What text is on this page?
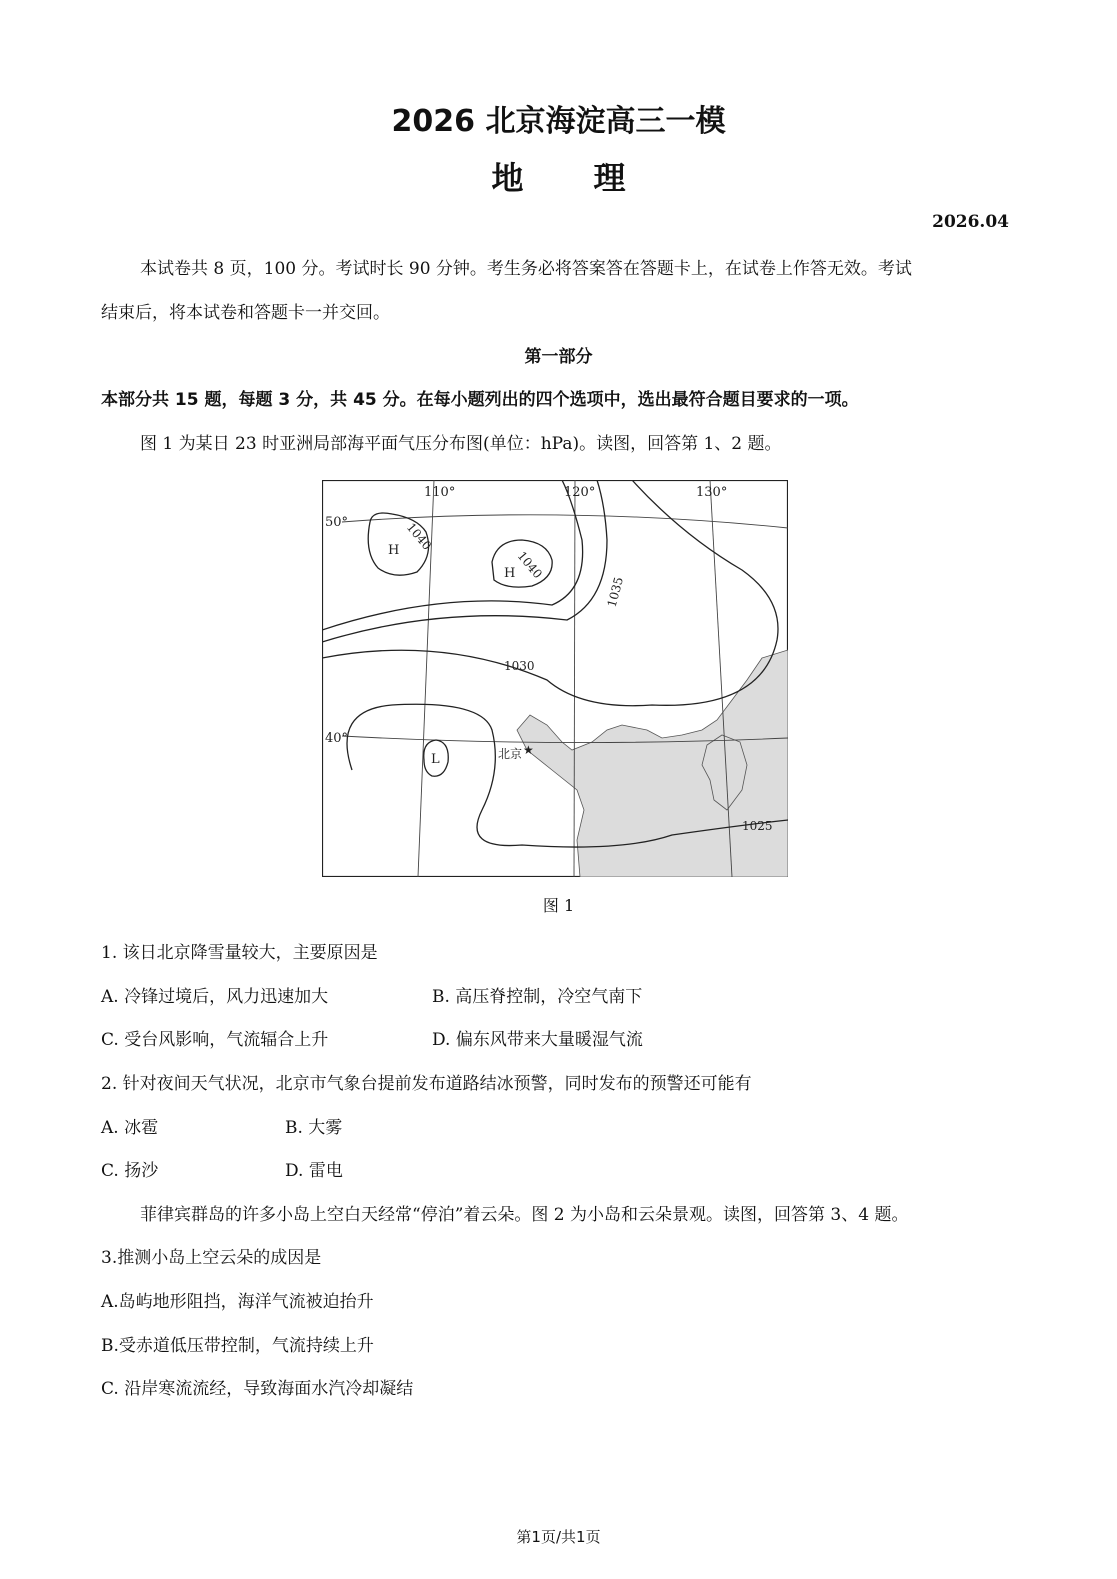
2026 北京海淀高三一模
地理
2026.04
本试卷共 8 页，100 分。考试时长 90 分钟。考生务必将答案答在答题卡上，在试卷上作答无效。考试
结束后，将本试卷和答题卡一并交回。
第一部分
本部分共 15 题，每题 3 分，共 45 分。在每小题列出的四个选项中，选出最符合题目要求的一项。
图 1 为某日 23 时亚洲局部海平面气压分布图(单位：hPa)。读图，回答第 1、2 题。
110°	120°	130°
50°
40°
1040
1040
1035
1030
1025
H
H
L	北京 ★
图 1
1. 该日北京降雪量较大，主要原因是
A. 冷锋过境后，风力迅速加大	B. 高压脊控制，冷空气南下
C. 受台风影响，气流辐合上升	D. 偏东风带来大量暖湿气流
2. 针对夜间天气状况，北京市气象台提前发布道路结冰预警，同时发布的预警还可能有
A. 冰雹	B. 大雾
C. 扬沙	D. 雷电
菲律宾群岛的许多小岛上空白天经常“停泊”着云朵。图 2 为小岛和云朵景观。读图，回答第 3、4 题。
3.推测小岛上空云朵的成因是
A.岛屿地形阻挡，海洋气流被迫抬升
B.受赤道低压带控制，气流持续上升
C. 沿岸寒流流经，导致海面水汽冷却凝结
第1页/共1页
